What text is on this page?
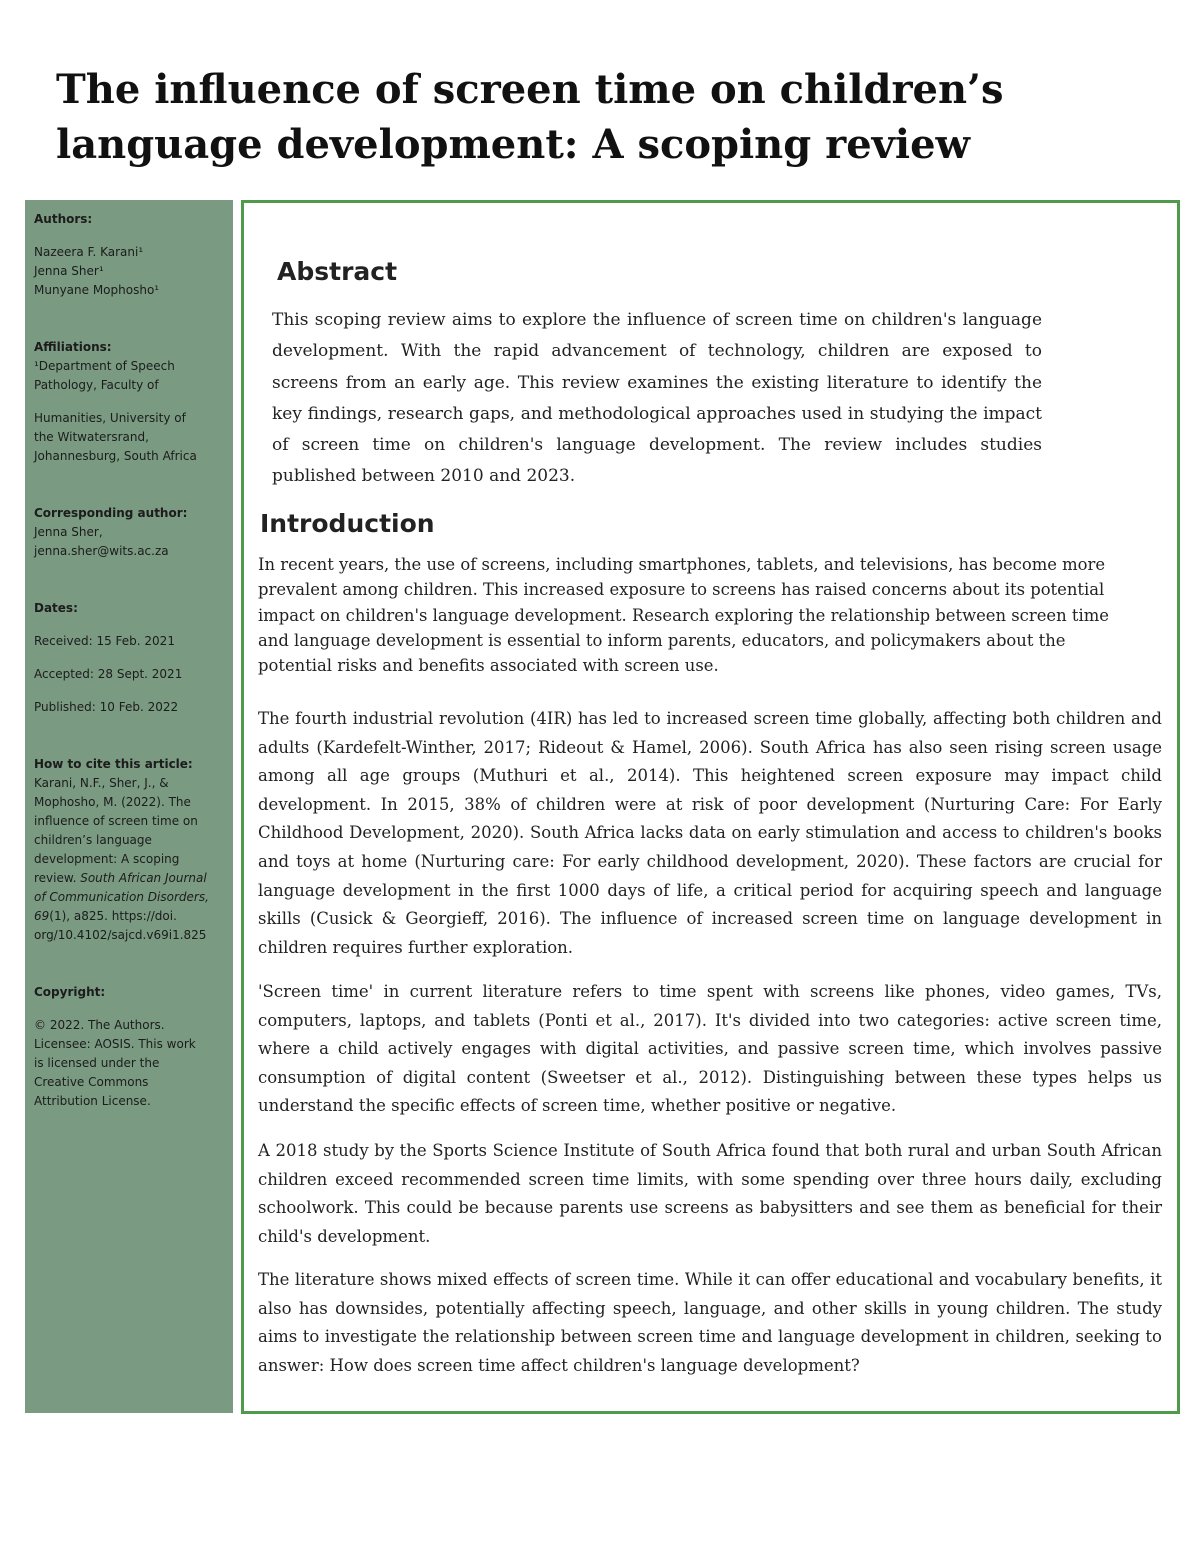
The influence of screen time on children’s language development: A scoping review
Authors:
Nazeera F. Karani¹
Jenna Sher¹
Munyane Mophosho¹
Affiliations:
¹Department of Speech
Pathology, Faculty of
Humanities, University of
the Witwatersrand,
Johannesburg, South Africa
Corresponding author:
Jenna Sher,
jenna.sher@wits.ac.za
Dates:
Received: 15 Feb. 2021
Accepted: 28 Sept. 2021
Published: 10 Feb. 2022
How to cite this article:
Karani, N.F., Sher, J., &
Mophosho, M. (2022). The
influence of screen time on
children’s language
development: A scoping
review. South African Journal
of Communication Disorders,
69(1), a825. https://doi.
org/10.4102/sajcd.v69i1.825
Copyright:
© 2022. The Authors.
Licensee: AOSIS. This work
is licensed under the
Creative Commons
Attribution License.
Abstract

This scoping review aims to explore the influence of screen time on children's language development. With the rapid advancement of technology, children are exposed to screens from an early age. This review examines the existing literature to identify the key findings, research gaps, and methodological approaches used in studying the impact of screen time on children's language development. The review includes studies published between 2010 and 2023.

Introduction

In recent years, the use of screens, including smartphones, tablets, and televisions, has become more prevalent among children. This increased exposure to screens has raised concerns about its potential impact on children's language development. Research exploring the relationship between screen time and language development is essential to inform parents, educators, and policymakers about the potential risks and benefits associated with screen use.

The fourth industrial revolution (4IR) has led to increased screen time globally, affecting both children and adults (Kardefelt-Winther, 2017; Rideout & Hamel, 2006). South Africa has also seen rising screen usage among all age groups (Muthuri et al., 2014). This heightened screen exposure may impact child development. In 2015, 38% of children were at risk of poor development (Nurturing Care: For Early Childhood Development, 2020). South Africa lacks data on early stimulation and access to children's books and toys at home (Nurturing care: For early childhood development, 2020). These factors are crucial for language development in the first 1000 days of life, a critical period for acquiring speech and language skills (Cusick & Georgieff, 2016). The influence of increased screen time on language development in children requires further exploration.

'Screen time' in current literature refers to time spent with screens like phones, video games, TVs, computers, laptops, and tablets (Ponti et al., 2017). It's divided into two categories: active screen time, where a child actively engages with digital activities, and passive screen time, which involves passive consumption of digital content (Sweetser et al., 2012). Distinguishing between these types helps us understand the specific effects of screen time, whether positive or negative.

A 2018 study by the Sports Science Institute of South Africa found that both rural and urban South African children exceed recommended screen time limits, with some spending over three hours daily, excluding schoolwork. This could be because parents use screens as babysitters and see them as beneficial for their child's development.

The literature shows mixed effects of screen time. While it can offer educational and vocabulary benefits, it also has downsides, potentially affecting speech, language, and other skills in young children. The study aims to investigate the relationship between screen time and language development in children, seeking to answer: How does screen time affect children's language development?
